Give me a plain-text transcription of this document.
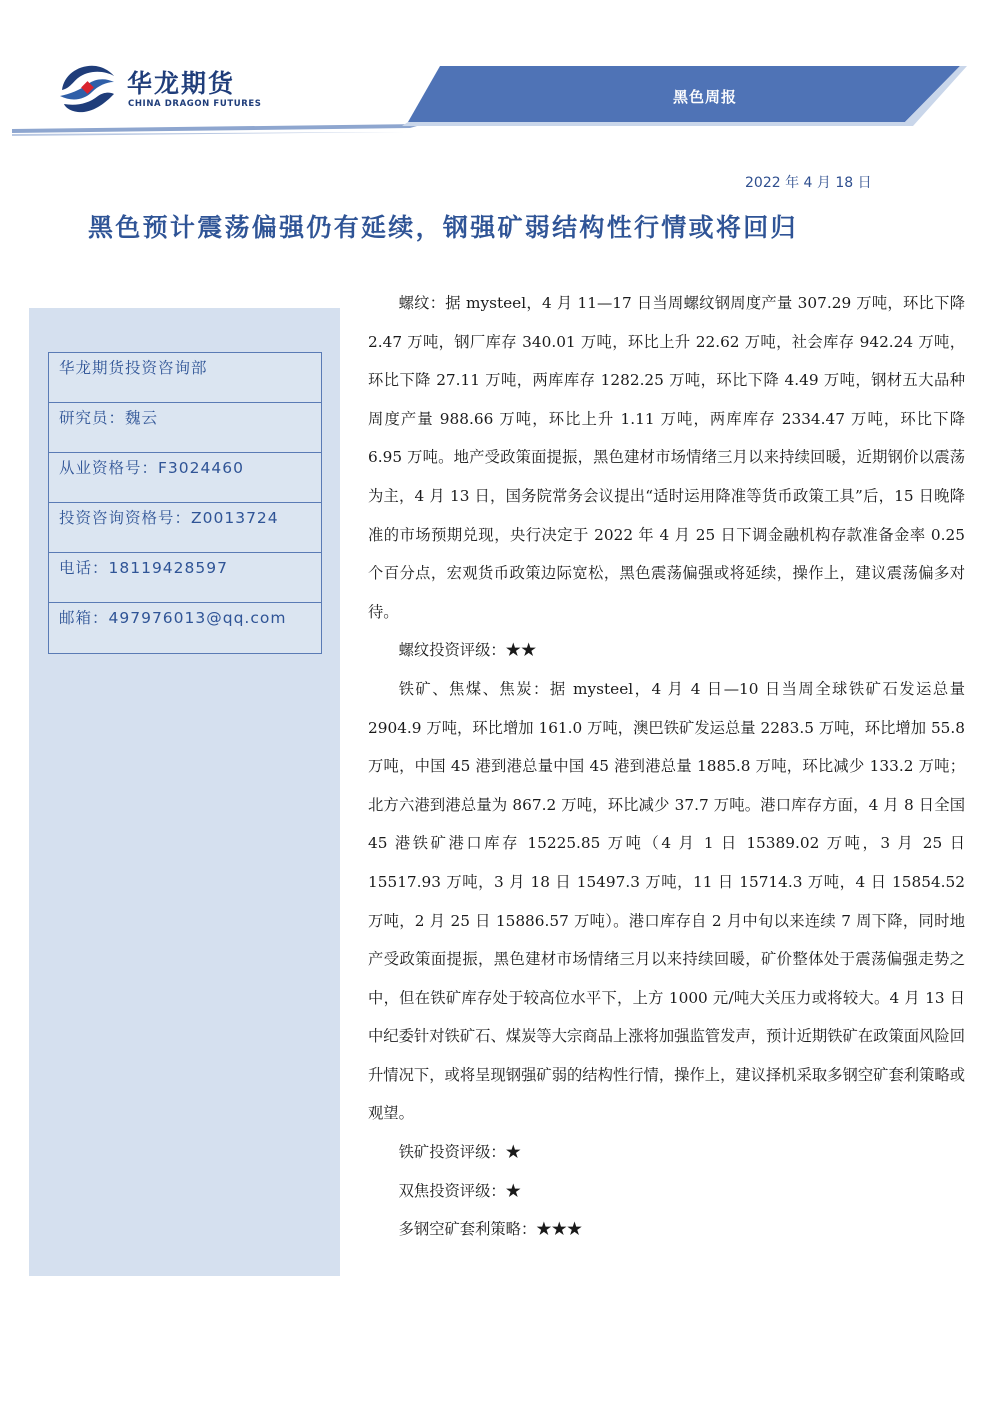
华龙期货
CHINA DRAGON FUTURES	黑色周报
2022 年 4 月 18 日
黑色预计震荡偏强仍有延续，钢强矿弱结构性行情或将回归
华龙期货投资咨询部
研究员：魏云
从业资格号：F3024460
投资咨询资格号：Z0013724
电话：18119428597
邮箱：497976013@qq.com

螺纹：据 mysteel，4 月 11—17 日当周螺纹钢周度产量 307.29 万吨，环比下降 2.47 万吨，钢厂库存 340.01 万吨，环比上升 22.62 万吨，社会库存 942.24 万吨， 环比下降 27.11 万吨，两库库存 1282.25 万吨，环比下降 4.49 万吨，钢材五大品种周度产量 988.66 万吨，环比上升 1.11 万吨，两库库存 2334.47 万吨，环比下降 6.95 万吨。地产受政策面提振，黑色建材市场情绪三月以来持续回暖，近期钢价以震荡为主，4 月 13 日，国务院常务会议提出“适时运用降准等货币政策工具”后，15 日晚降准的市场预期兑现，央行决定于 2022 年 4 月 25 日下调金融机构存款准备金率 0.25 个百分点，宏观货币政策边际宽松，黑色震荡偏强或将延续，操作上，建议震荡偏多对待。

螺纹投资评级：★★

铁矿、焦煤、焦炭：据 mysteel，4 月 4 日—10 日当周全球铁矿石发运总量 2904.9 万吨，环比增加 161.0 万吨，澳巴铁矿发运总量 2283.5 万吨，环比增加 55.8 万吨，中国 45 港到港总量中国 45 港到港总量 1885.8 万吨，环比减少 133.2 万吨；北方六港到港总量为 867.2 万吨，环比减少 37.7 万吨。港口库存方面，4 月 8 日全国 45 港铁矿港口库存 15225.85 万吨（4 月 1 日 15389.02 万吨，3 月 25 日 15517.93 万吨，3 月 18 日 15497.3 万吨，11 日 15714.3 万吨，4 日 15854.52 万吨，2 月 25 日 15886.57 万吨）。港口库存自 2 月中旬以来连续 7 周下降，同时地产受政策面提振，黑色建材市场情绪三月以来持续回暖，矿价整体处于震荡偏强走势之中，但在铁矿库存处于较高位水平下，上方 1000 元/吨大关压力或将较大。4 月 13 日中纪委针对铁矿石、煤炭等大宗商品上涨将加强监管发声，预计近期铁矿在政策面风险回升情况下，或将呈现钢强矿弱的结构性行情，操作上，建议择机采取多钢空矿套利策略或观望。

铁矿投资评级：★

双焦投资评级：★

多钢空矿套利策略：★★★
